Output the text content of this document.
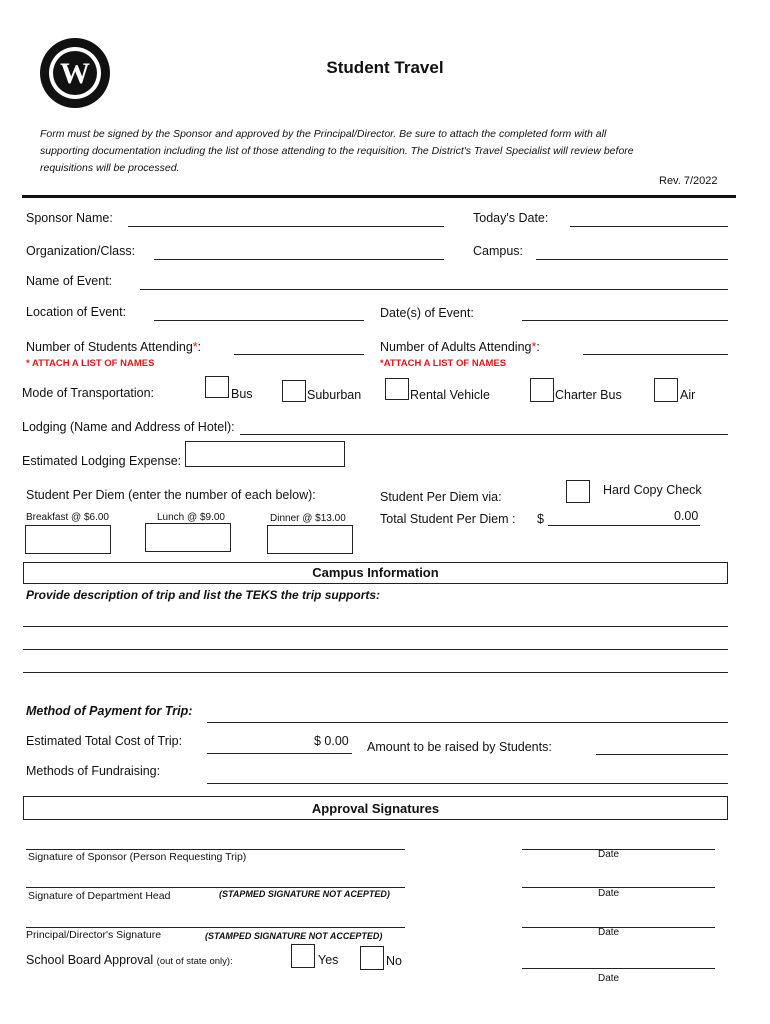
W	Student Travel
Form must be signed by the Sponsor and approved by the Principal/Director. Be sure to attach the completed form with all
supporting documentation including the list of those attending to the requisition. The District's Travel Specialist will review before
requisitions will be processed.
Rev. 7/2022
Sponsor Name:	Today's Date:
Organization/Class:	Campus:
Name of Event:
Location of Event:	Date(s) of Event:
Number of Students Attending*:
* ATTACH A LIST OF NAMES
Number of Adults Attending*:
*ATTACH A LIST OF NAMES
Mode of Transportation:	Bus	Suburban	Rental Vehicle	Charter Bus	Air
Lodging (Name and Address of Hotel):
Estimated Lodging Expense:
Student Per Diem (enter the number of each below):
Breakfast @ $6.00	Lunch @ $9.00	Dinner @ $13.00
Student Per Diem via:	Hard Copy Check
Total Student Per Diem : $	0.00
Campus Information
Provide description of trip and list the TEKS the trip supports:
Method of Payment for Trip:
Estimated Total Cost of Trip:	$ 0.00 Amount to be raised by Students:
Methods of Fundraising:
Approval Signatures
Signature of Sponsor (Person Requesting Trip)	Date
Signature of Department Head	(STAPMED SIGNATURE NOT ACEPTED)	Date
Principal/Director's Signature	(STAMPED SIGNATURE NOT ACCEPTED)	Date
School Board Approval (out of state only):	Yes	No
Date
